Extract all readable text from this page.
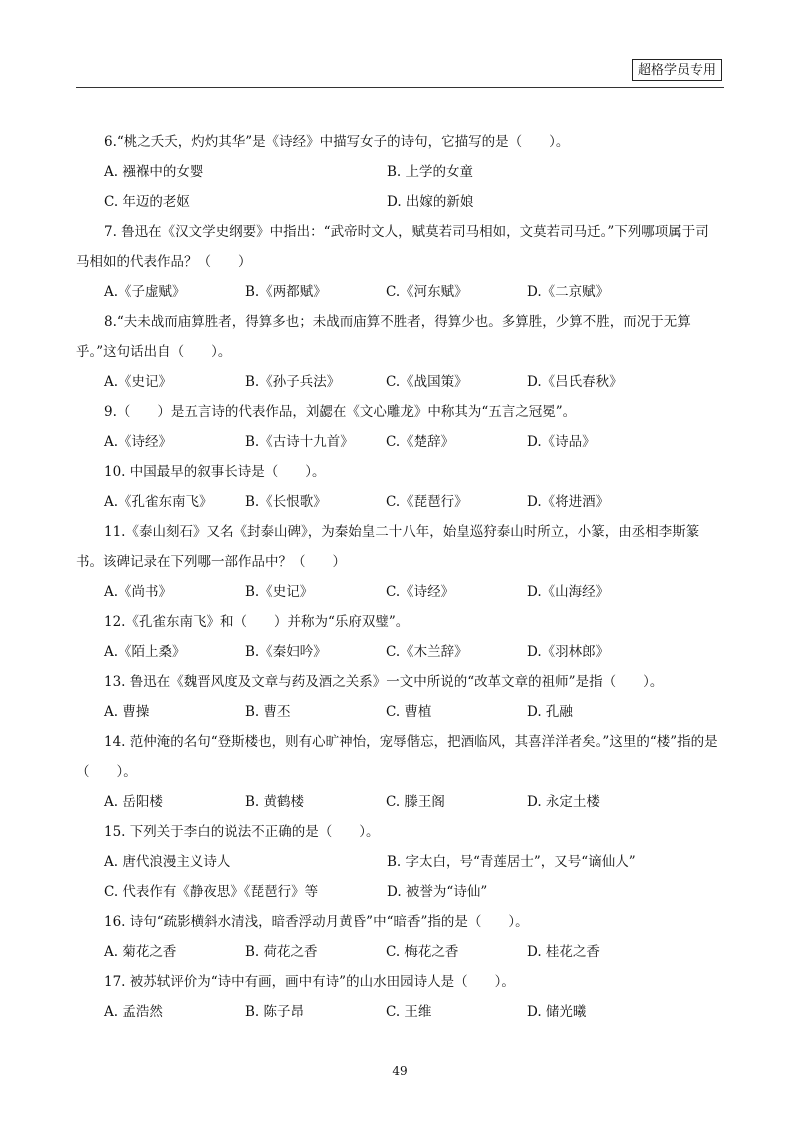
超格学员专用

6.“桃之夭夭，灼灼其华”是《诗经》中描写女子的诗句，它描写的是（　　）。

A. 襁褓中的女婴	B. 上学的女童
C. 年迈的老妪	D. 出嫁的新娘

7. 鲁迅在《汉文学史纲要》中指出：“武帝时文人，赋莫若司马相如，文莫若司马迁。”下列哪项属于司马相如的代表作品？（　　）

A.《子虚赋》	B.《两都赋》	C.《河东赋》	D.《二京赋》

8.“夫未战而庙算胜者，得算多也；未战而庙算不胜者，得算少也。多算胜，少算不胜，而况于无算乎。”这句话出自（　　）。

A.《史记》	B.《孙子兵法》	C.《战国策》	D.《吕氏春秋》

9.（　　）是五言诗的代表作品，刘勰在《文心雕龙》中称其为“五言之冠冕”。

A.《诗经》	B.《古诗十九首》	C.《楚辞》	D.《诗品》

10. 中国最早的叙事长诗是（　　）。

A.《孔雀东南飞》	B.《长恨歌》	C.《琵琶行》	D.《将进酒》

11.《泰山刻石》又名《封泰山碑》，为秦始皇二十八年，始皇巡狩泰山时所立，小篆，由丞相李斯篆书。该碑记录在下列哪一部作品中？（　　）

A.《尚书》	B.《史记》	C.《诗经》	D.《山海经》

12.《孔雀东南飞》和（　　）并称为“乐府双璧”。

A.《陌上桑》	B.《秦妇吟》	C.《木兰辞》	D.《羽林郎》

13. 鲁迅在《魏晋风度及文章与药及酒之关系》一文中所说的“改革文章的祖师”是指（　　）。

A. 曹操	B. 曹丕	C. 曹植	D. 孔融

14. 范仲淹的名句“登斯楼也，则有心旷神怡，宠辱偕忘，把酒临风，其喜洋洋者矣。”这里的“楼”指的是（　　）。

A. 岳阳楼	B. 黄鹤楼	C. 滕王阁	D. 永定土楼

15. 下列关于李白的说法不正确的是（　　）。

A. 唐代浪漫主义诗人	B. 字太白，号“青莲居士”，又号“谪仙人”
C. 代表作有《静夜思》《琵琶行》等	D. 被誉为“诗仙”

16. 诗句“疏影横斜水清浅，暗香浮动月黄昏”中“暗香”指的是（　　）。

A. 菊花之香	B. 荷花之香	C. 梅花之香	D. 桂花之香

17. 被苏轼评价为“诗中有画，画中有诗”的山水田园诗人是（　　）。

A. 孟浩然	B. 陈子昂	C. 王维	D. 储光曦
49
